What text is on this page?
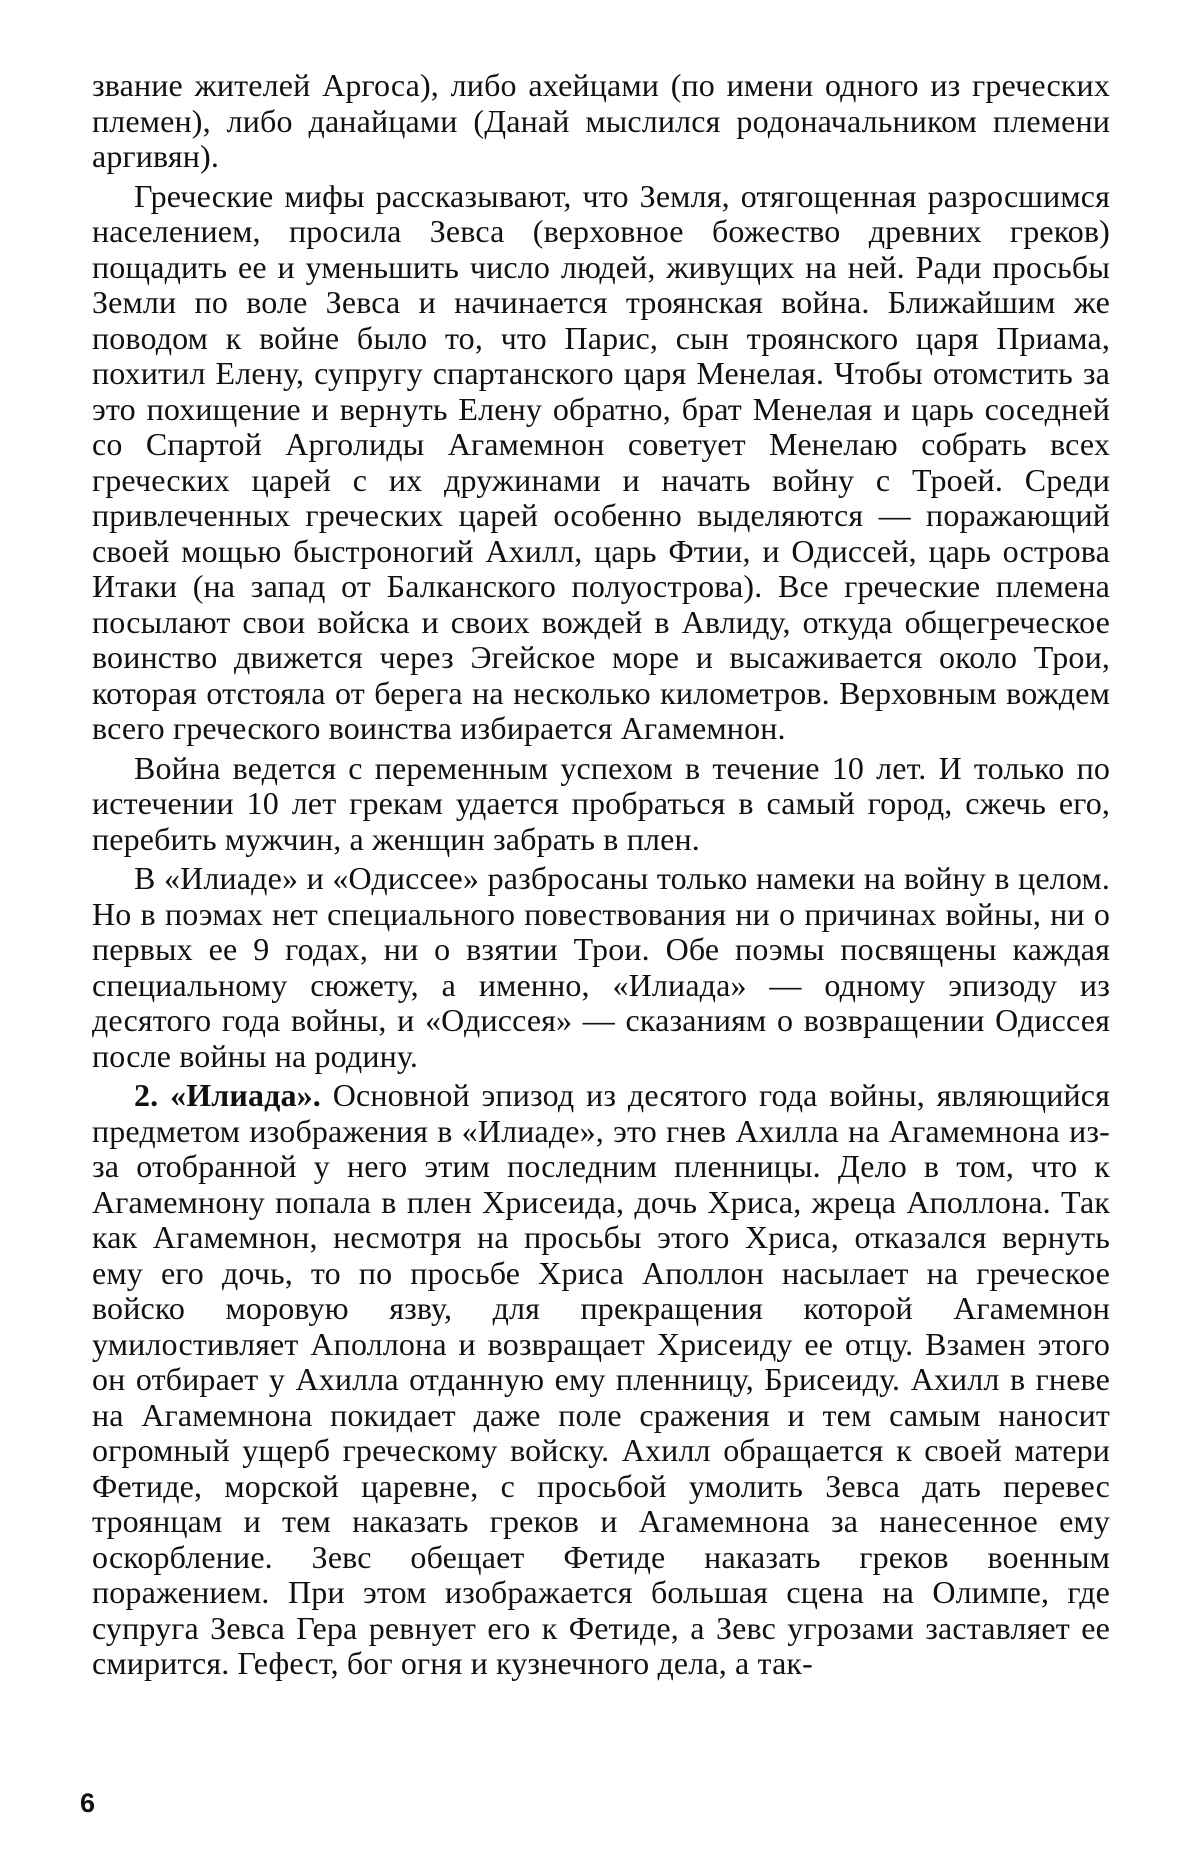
звание жителей Аргоса), либо ахейцами (по имени одного из греческих племен), либо данайцами (Данай мыслился родоначальником племени аргивян).

Греческие мифы рассказывают, что Земля, отягощенная разросшимся населением, просила Зевса (верховное божество древних греков) пощадить ее и уменьшить число людей, живущих на ней. Ради просьбы Земли по воле Зевса и начинается троянская война. Ближайшим же поводом к войне было то, что Парис, сын троянского царя Приама, похитил Елену, супругу спартанского царя Менелая. Чтобы отомстить за это похищение и вернуть Елену обратно, брат Менелая и царь соседней со Спартой Арголиды Агамемнон советует Менелаю собрать всех греческих царей с их дружинами и начать войну с Троей. Среди привлеченных греческих царей особенно выделяются — поражающий своей мощью быстроногий Ахилл, царь Фтии, и Одиссей, царь острова Итаки (на запад от Балканского полуострова). Все греческие племена посылают свои войска и своих вождей в Авлиду, откуда общегреческое воинство движется через Эгейское море и высаживается около Трои, которая отстояла от берега на несколько километров. Верховным вождем всего греческого воинства избирается Агамемнон.

Война ведется с переменным успехом в течение 10 лет. И только по истечении 10 лет грекам удается пробраться в самый город, сжечь его, перебить мужчин, а женщин забрать в плен.

В «Илиаде» и «Одиссее» разбросаны только намеки на войну в целом. Но в поэмах нет специального повествования ни о причинах войны, ни о первых ее 9 годах, ни о взятии Трои. Обе поэмы посвящены каждая специальному сюжету, а именно, «Илиада» — одному эпизоду из десятого года войны, и «Одиссея» — сказаниям о возвращении Одиссея после войны на родину.

2. «Илиада». Основной эпизод из десятого года войны, являющийся предметом изображения в «Илиаде», это гнев Ахилла на Агамемнона из-за отобранной у него этим последним пленницы. Дело в том, что к Агамемнону попала в плен Хрисеида, дочь Хриса, жреца Аполлона. Так как Агамемнон, несмотря на просьбы этого Хриса, отказался вернуть ему его дочь, то по просьбе Хриса Аполлон насылает на греческое войско моровую язву, для прекращения которой Агамемнон умилостивляет Аполлона и возвращает Хрисеиду ее отцу. Взамен этого он отбирает у Ахилла отданную ему пленницу, Брисеиду. Ахилл в гневе на Агамемнона покидает даже поле сражения и тем самым наносит огромный ущерб греческому войску. Ахилл обращается к своей матери Фетиде, морской царевне, с просьбой умолить Зевса дать перевес троянцам и тем наказать греков и Агамемнона за нанесенное ему оскорбление. Зевс обещает Фетиде наказать греков военным поражением. При этом изображается большая сцена на Олимпе, где супруга Зевса Гера ревнует его к Фетиде, а Зевс угрозами заставляет ее смирится. Гефест, бог огня и кузнечного дела, а так-

6
